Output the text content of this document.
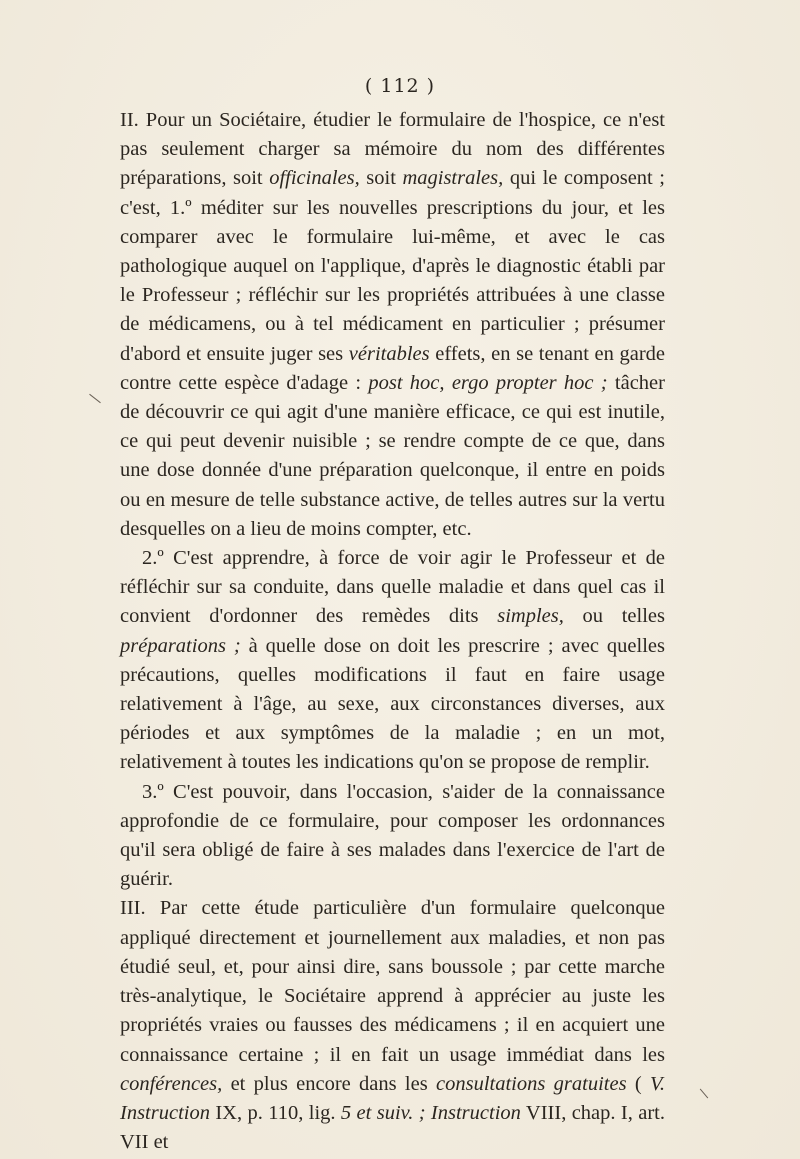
( 112 )

II. Pour un Sociétaire, étudier le formulaire de l'hospice, ce n'est pas seulement charger sa mémoire du nom des différentes préparations, soit officinales, soit magistrales, qui le composent ; c'est, 1.º méditer sur les nouvelles prescriptions du jour, et les comparer avec le formulaire lui-même, et avec le cas pathologique auquel on l'applique, d'après le diagnostic établi par le Professeur ; réfléchir sur les propriétés attribuées à une classe de médicamens, ou à tel médicament en particulier ; présumer d'abord et ensuite juger ses véritables effets, en se tenant en garde contre cette espèce d'adage : post hoc, ergo propter hoc ; tâcher de découvrir ce qui agit d'une manière efficace, ce qui est inutile, ce qui peut devenir nuisible ; se rendre compte de ce que, dans une dose donnée d'une préparation quelconque, il entre en poids ou en mesure de telle substance active, de telles autres sur la vertu desquelles on a lieu de moins compter, etc.

2.º C'est apprendre, à force de voir agir le Professeur et de réfléchir sur sa conduite, dans quelle maladie et dans quel cas il convient d'ordonner des remèdes dits simples, ou telles préparations ; à quelle dose on doit les prescrire ; avec quelles précautions, quelles modifications il faut en faire usage relativement à l'âge, au sexe, aux circonstances diverses, aux périodes et aux symptômes de la maladie ; en un mot, relativement à toutes les indications qu'on se propose de remplir.

3.º C'est pouvoir, dans l'occasion, s'aider de la connaissance approfondie de ce formulaire, pour composer les ordonnances qu'il sera obligé de faire à ses malades dans l'exercice de l'art de guérir.

III. Par cette étude particulière d'un formulaire quelconque appliqué directement et journellement aux maladies, et non pas étudié seul, et, pour ainsi dire, sans boussole ; par cette marche très-analytique, le Sociétaire apprend à apprécier au juste les propriétés vraies ou fausses des médicamens ; il en acquiert une connaissance certaine ; il en fait un usage immédiat dans les conférences, et plus encore dans les consultations gratuites ( V. Instruction IX, p. 110, lig. 5 et suiv. ; Instruction VIII, chap. I, art. VII et
